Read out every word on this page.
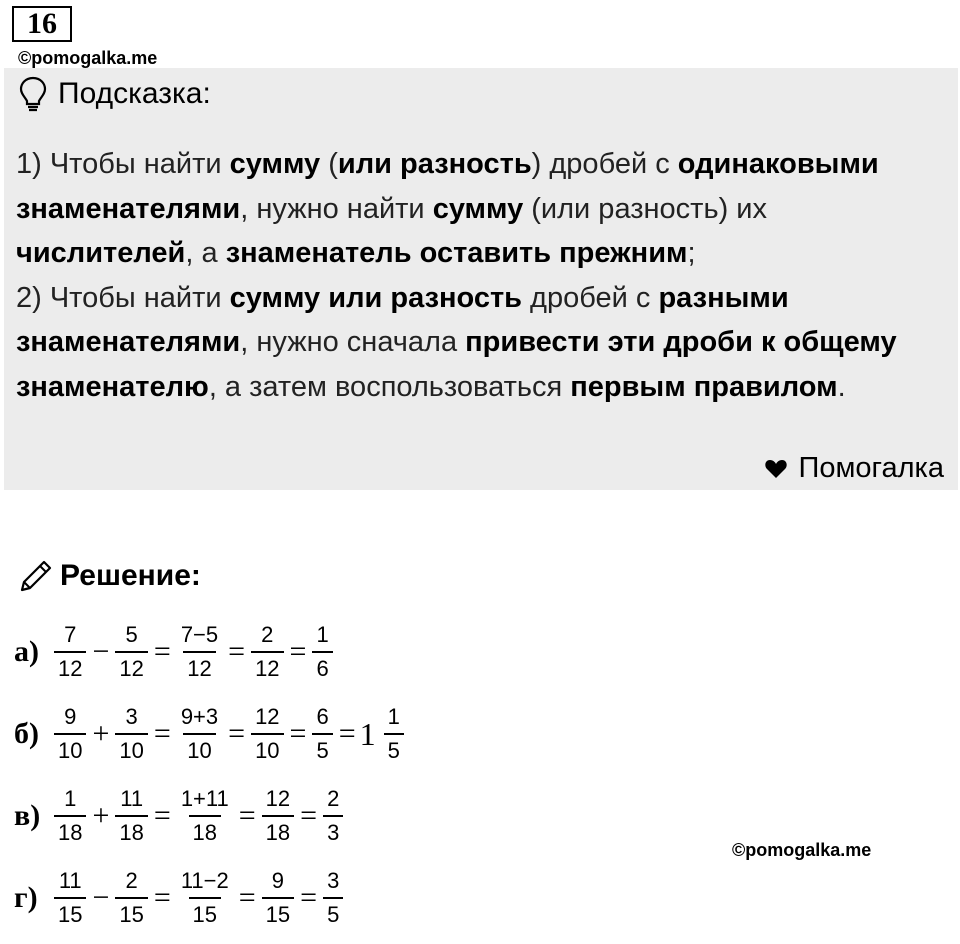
16
©pomogalka.me
Подсказка:
1) Чтобы найти сумму (или разность) дробей с одинаковыми знаменателями, нужно найти сумму (или разность) их числителей, а знаменатель оставить прежним;
2) Чтобы найти сумму или разность дробей с разными знаменателями, нужно сначала привести эти дроби к общему знаменателю, а затем воспользоваться первым правилом.
Помогалка
Решение:
$а) \frac{7}{12} - \frac{5}{12} = \frac{7-5}{12} = \frac{2}{12} = \frac{1}{6}$
$б) \frac{9}{10} + \frac{3}{10} = \frac{9+3}{10} = \frac{12}{10} = \frac{6}{5} = 1 \frac{1}{5}$
$в) \frac{1}{18} + \frac{11}{18} = \frac{1+11}{18} = \frac{12}{18} = \frac{2}{3}$
$г) \frac{11}{15} - \frac{2}{15} = \frac{11-2}{15} = \frac{9}{15} = \frac{3}{5}$
©pomogalka.me
